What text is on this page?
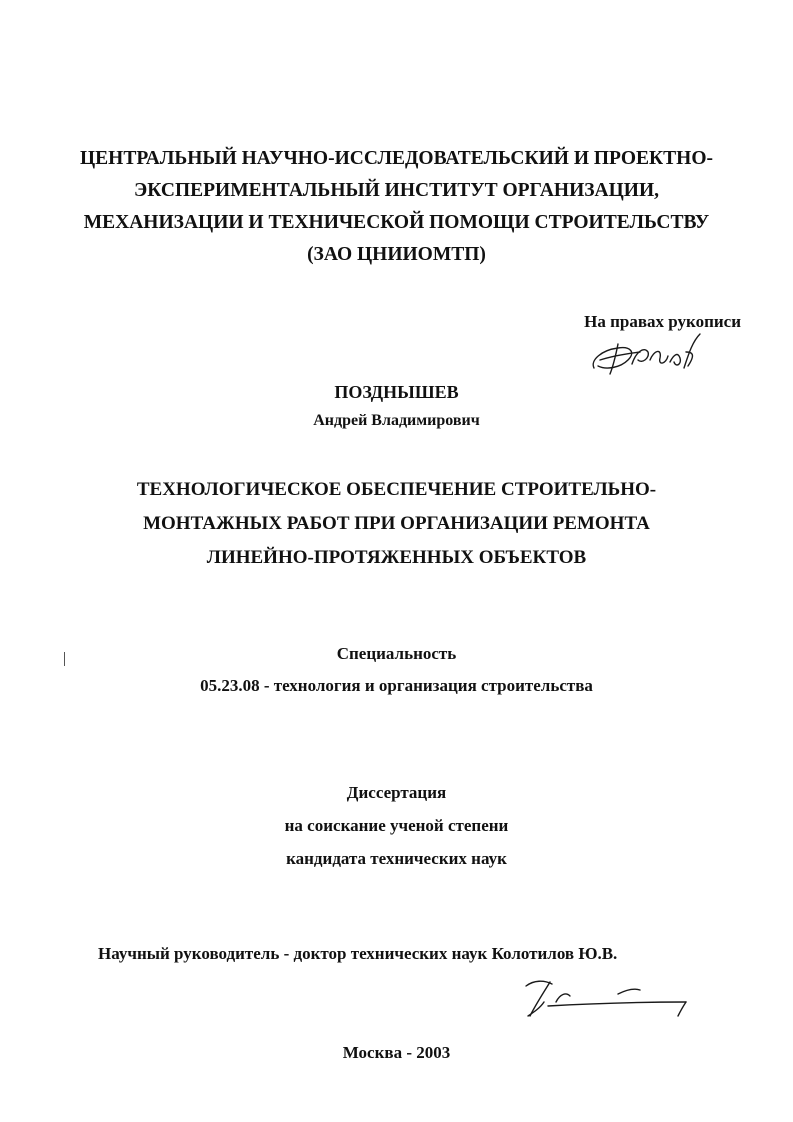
ЦЕНТРАЛЬНЫЙ НАУЧНО-ИССЛЕДОВАТЕЛЬСКИЙ И ПРОЕКТНО-
ЭКСПЕРИМЕНТАЛЬНЫЙ ИНСТИТУТ ОРГАНИЗАЦИИ,
МЕХАНИЗАЦИИ И ТЕХНИЧЕСКОЙ ПОМОЩИ СТРОИТЕЛЬСТВУ
(ЗАО ЦНИИОМТП)
На правах рукописи
ПОЗДНЫШЕВ
Андрей Владимирович
ТЕХНОЛОГИЧЕСКОЕ ОБЕСПЕЧЕНИЕ СТРОИТЕЛЬНО-
МОНТАЖНЫХ РАБОТ ПРИ ОРГАНИЗАЦИИ РЕМОНТА
ЛИНЕЙНО-ПРОТЯЖЕННЫХ ОБЪЕКТОВ
Специальность
05.23.08 - технология и организация строительства
Диссертация
на соискание ученой степени
кандидата технических наук
Научный руководитель - доктор технических наук Колотилов Ю.В.
Москва - 2003
